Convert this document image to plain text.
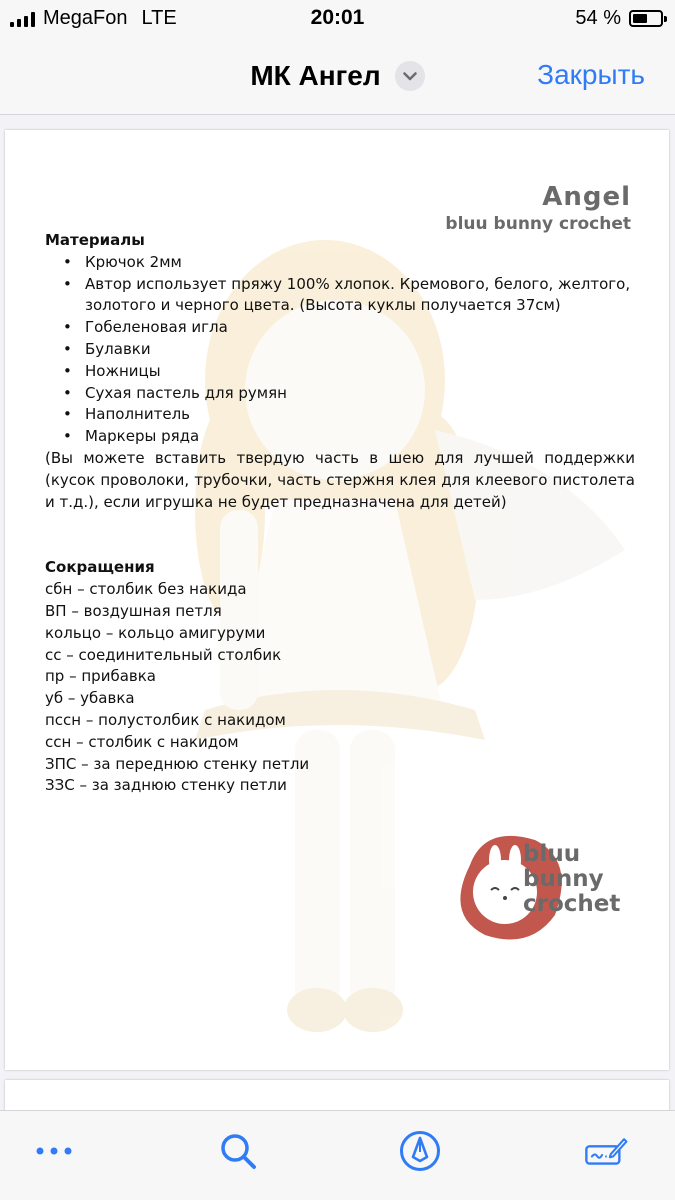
MegaFon LTE	20:01	54 %
МК Ангел	Закрыть
Angel
bluu bunny crochet
Материалы
• Крючок 2мм
• Автор использует пряжу 100% хлопок. Кремового, белого, желтого, золотого и черного цвета. (Высота куклы получается 37см)
• Гобеленовая игла
• Булавки
• Ножницы
• Сухая пастель для румян
• Наполнитель
• Маркеры ряда
(Вы можете вставить твердую часть в шею для лучшей поддержки (кусок проволоки, трубочки, часть стержня клея для клеевого пистолета и т.д.), если игрушка не будет предназначена для детей)
Сокращения
сбн – столбик без накида
ВП – воздушная петля
кольцо – кольцо амигуруми
сс – соединительный столбик
пр – прибавка
уб – убавка
пссн – полустолбик с накидом
ссн – столбик с накидом
ЗПС – за переднюю стенку петли
ЗЗС – за заднюю стенку петли
bluu
bunny
crochet
